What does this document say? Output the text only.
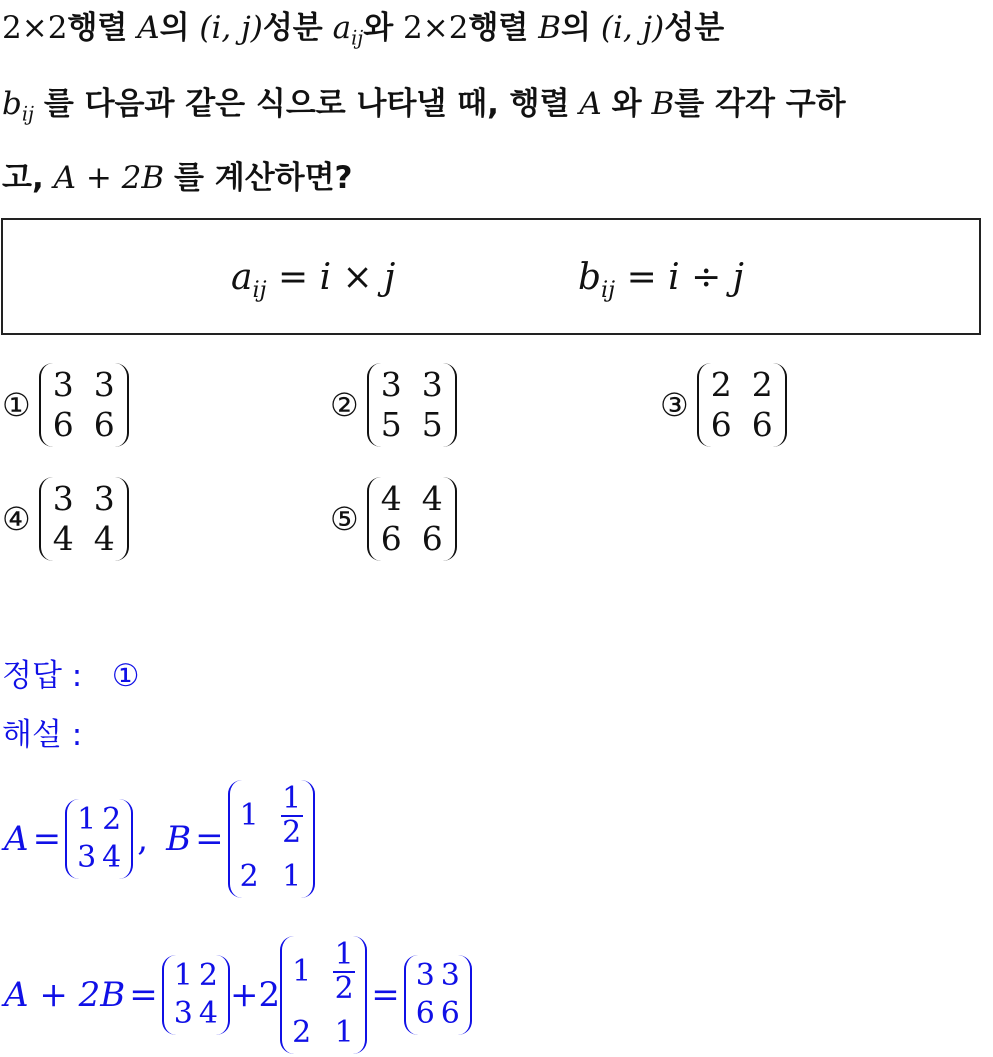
2×2행렬 A의 (i, j)성분 $a_{ij}$와 2×2행렬 B의 (i, j)성분
$b_{ij}$ 를 다음과 같은 식으로 나타낼 때, 행렬 A 와 B를 각각 구하
고, A + 2B 를 계산하면?
$a_{ij} = i \times j$	$b_{ij} = i \div j$
①
3 3
6 6	②
3 3
5 5	③
2 2
6 6
④
3 3
4 4	⑤
4 4
6 6
정답 : ①
해설 :
A = 1 2
3 4 , B =
$1 \frac{1}{2}$
2 1
A + 2B = 1 2
3 4 + 2
$1 \frac{1}{2}$
2 1
= 3 3
6 6
